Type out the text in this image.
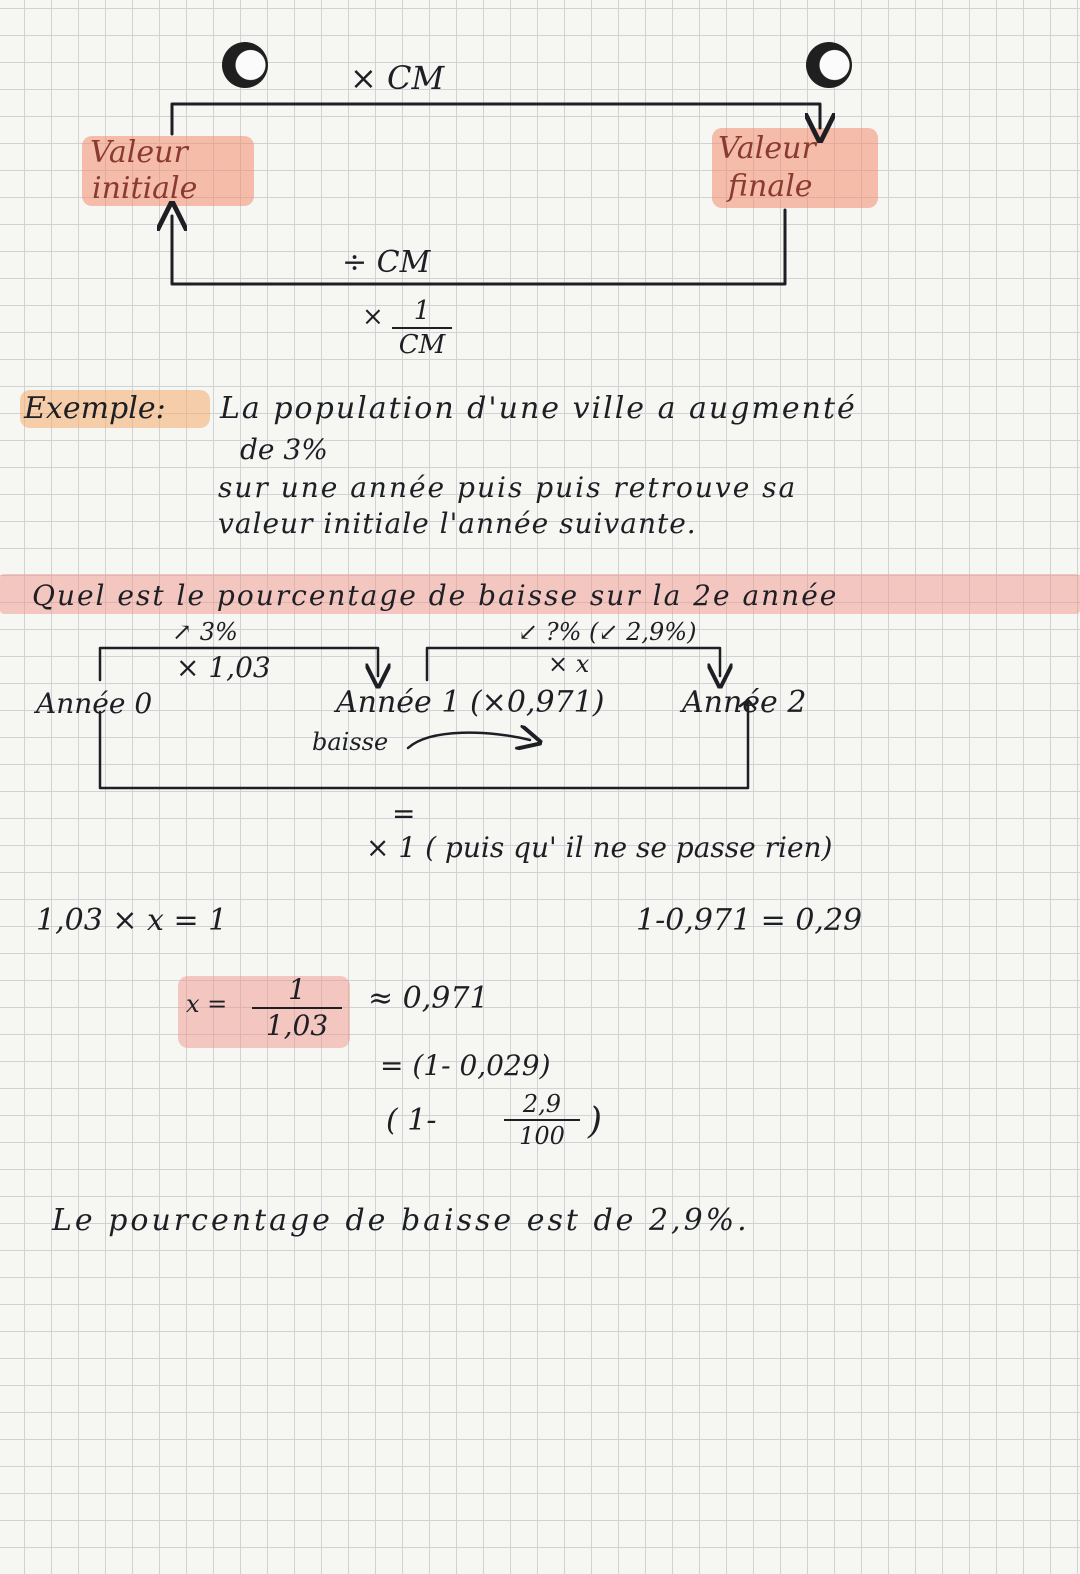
× CM
Valeur
initiale
Valeur
finale
÷ CM
×	1
CM
Exemple: La population d'une ville a augmenté
de 3%
sur une année puis puis retrouve sa
valeur initiale l'année suivante.
Quel est le pourcentage de baisse sur la 2e année
↗ 3%
× 1,03
↙ ?% (↙ 2,9%)
× x
Année 0	Année 1 (×0,971)	Année 2
baisse
=
× 1 ( puis qu' il ne se passe rien)
1,03 × x = 1	1-0,971 = 0,29
x =	1
1,03
≈ 0,971
= (1- 0,029)
( 1-	2,9
100 )
Le pourcentage de baisse est de 2,9%.
